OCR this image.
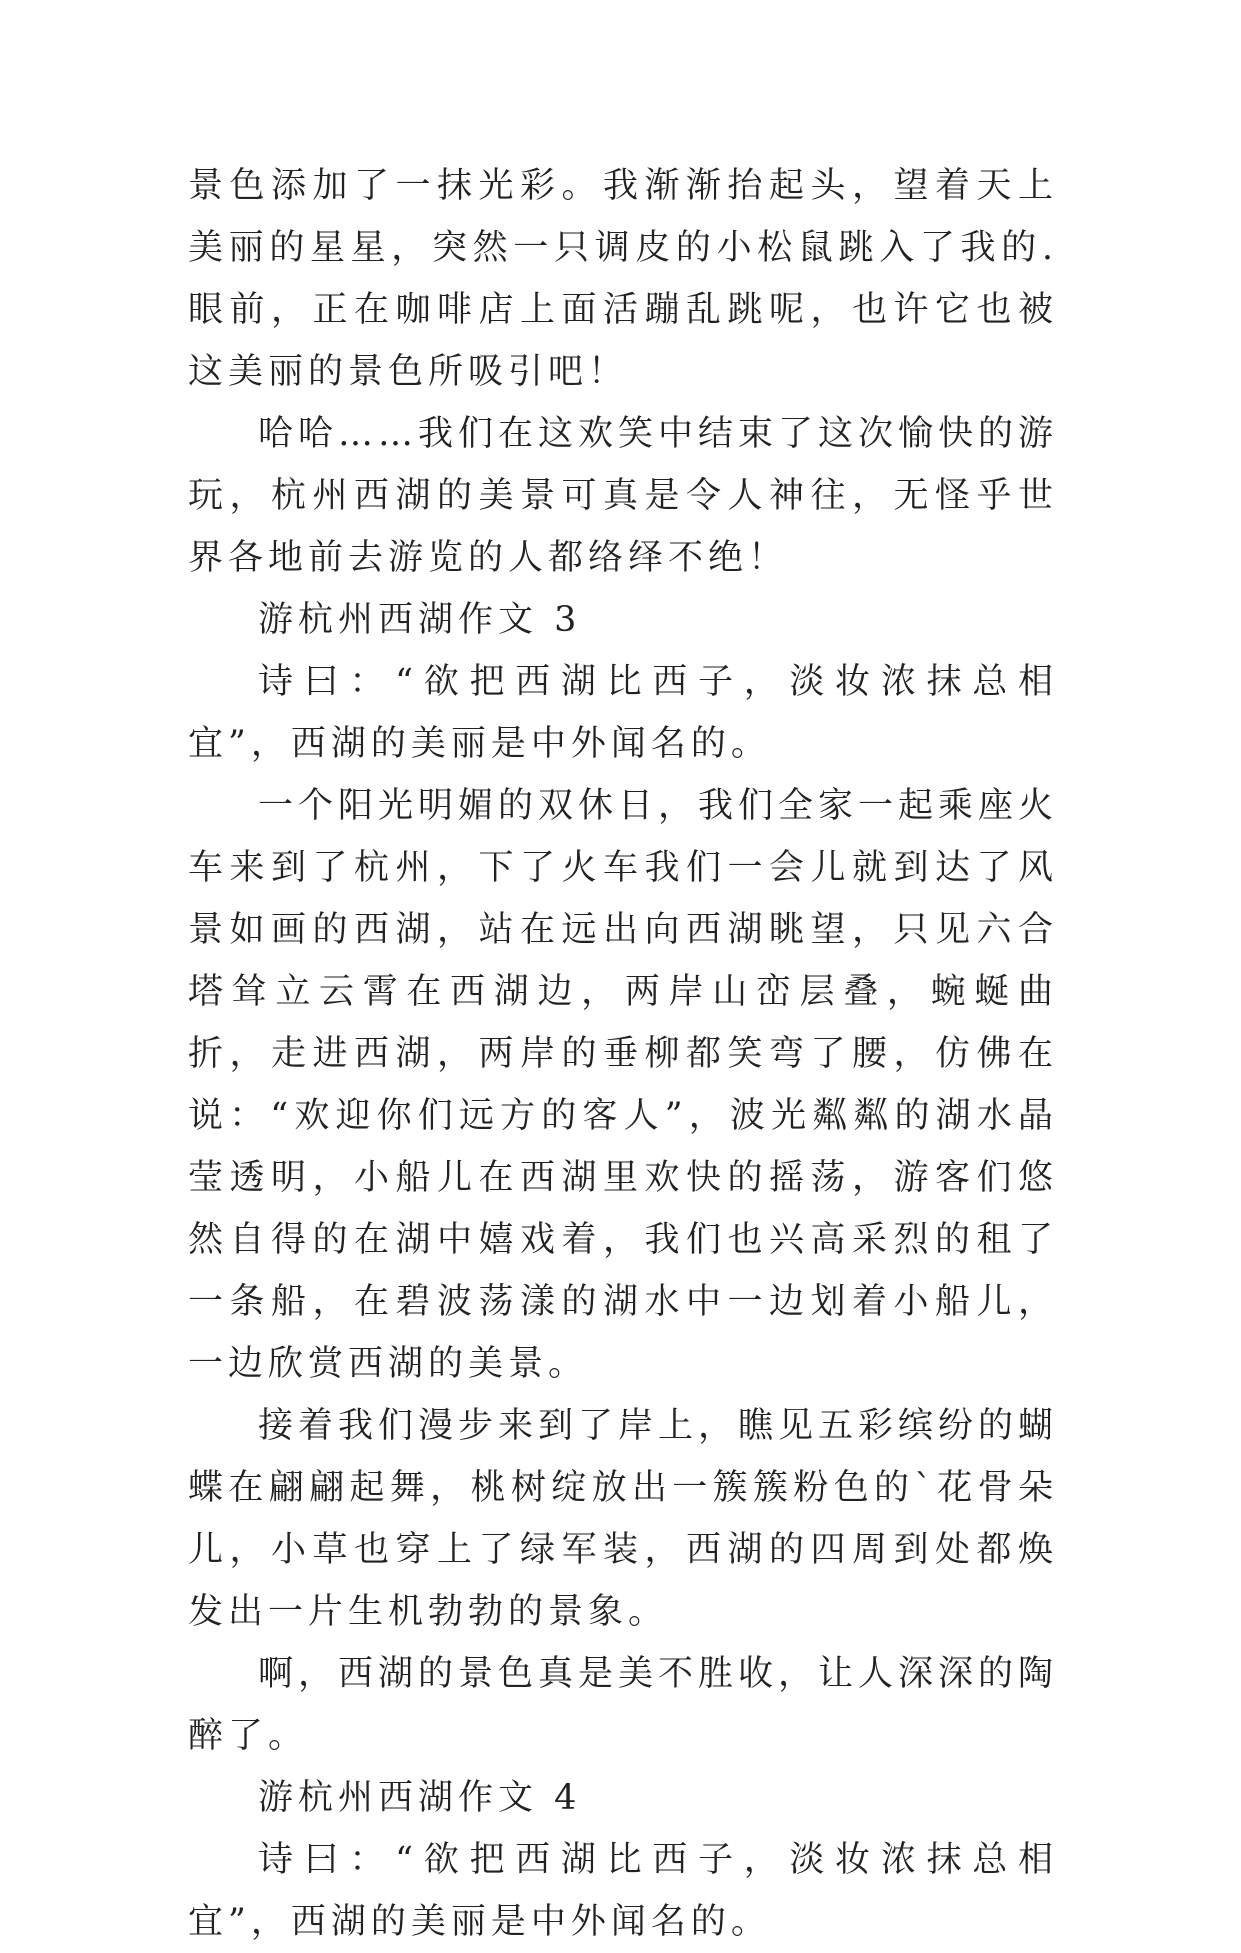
景色添加了一抹光彩。我渐渐抬起头，望着天上美丽的星星，突然一只调皮的小松鼠跳入了我的.眼前，正在咖啡店上面活蹦乱跳呢，也许它也被这美丽的景色所吸引吧！

哈哈……我们在这欢笑中结束了这次愉快的游玩，杭州西湖的美景可真是令人神往，无怪乎世界各地前去游览的人都络绎不绝！

游杭州西湖作文 3

诗曰：“欲把西湖比西子，淡妆浓抹总相宜”，西湖的美丽是中外闻名的。

一个阳光明媚的双休日，我们全家一起乘座火车来到了杭州，下了火车我们一会儿就到达了风景如画的西湖，站在远出向西湖眺望，只见六合塔耸立云霄在西湖边，两岸山峦层叠，蜿蜒曲折，走进西湖，两岸的垂柳都笑弯了腰，仿佛在说：“欢迎你们远方的客人”，波光粼粼的湖水晶莹透明，小船儿在西湖里欢快的摇荡，游客们悠然自得的在湖中嬉戏着，我们也兴高采烈的租了一条船，在碧波荡漾的湖水中一边划着小船儿，一边欣赏西湖的美景。

接着我们漫步来到了岸上，瞧见五彩缤纷的蝴蝶在翩翩起舞，桃树绽放出一簇簇粉色的`花骨朵儿，小草也穿上了绿军装，西湖的四周到处都焕发出一片生机勃勃的景象。

啊，西湖的景色真是美不胜收，让人深深的陶醉了。

游杭州西湖作文 4

诗曰：“欲把西湖比西子，淡妆浓抹总相宜”，西湖的美丽是中外闻名的。
